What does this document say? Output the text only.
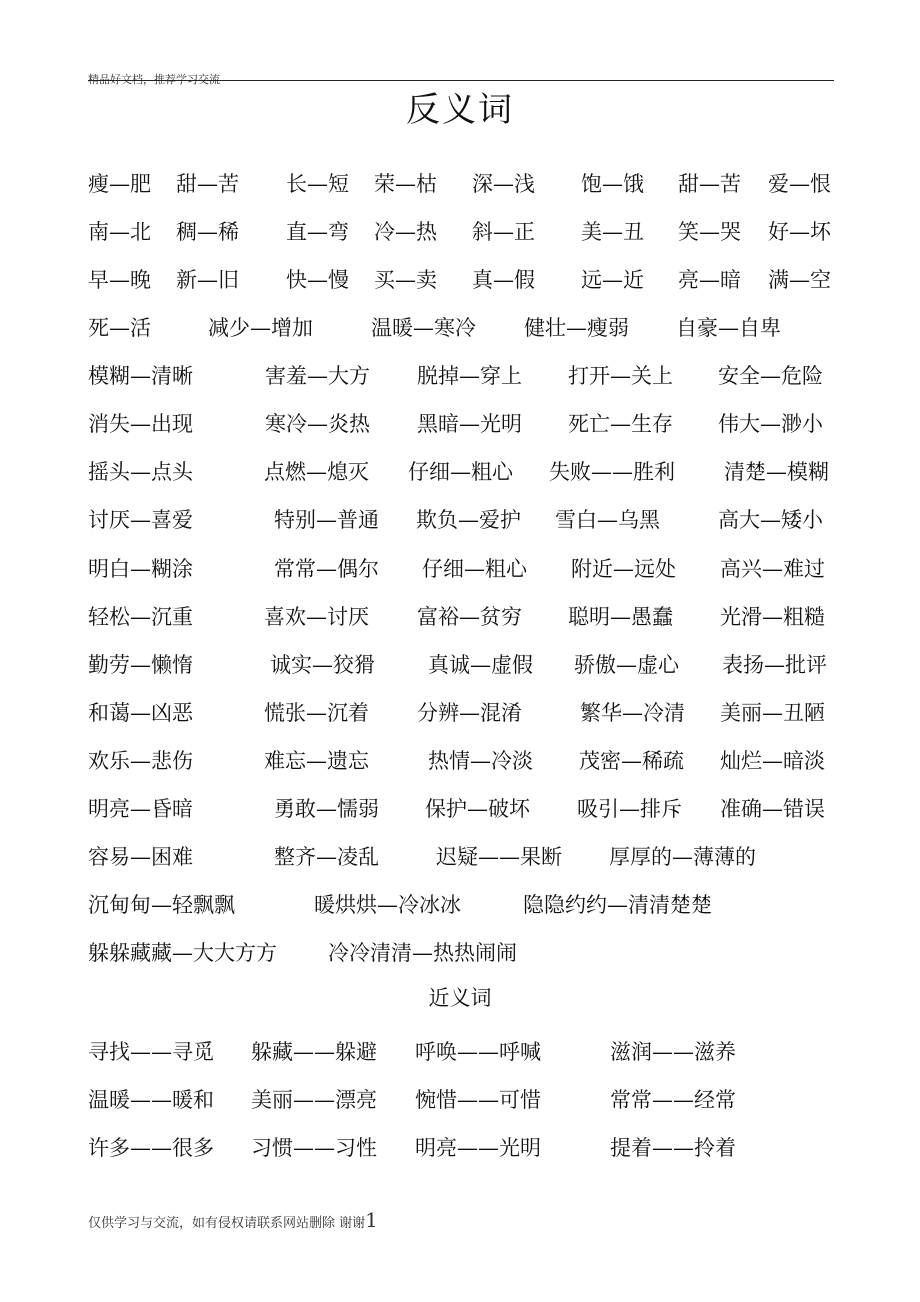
精品好文档，推荐学习交流
反义词
瘦—肥 甜—苦 长—短 荣—枯 深—浅 饱—饿 甜—苦 爱—恨
南—北 稠—稀 直—弯 冷—热 斜—正 美—丑 笑—哭 好—坏
早—晚 新—旧 快—慢 买—卖 真—假 远—近 亮—暗 满—空
死—活	减少—增加	温暖—寒冷 健壮—瘦弱 自豪—自卑
模糊—清晰	害羞—大方 脱掉—穿上 打开—关上 安全—危险
消失—出现	寒冷—炎热 黑暗—光明 死亡—生存 伟大—渺小
摇头—点头	点燃—熄灭 仔细—粗心 失败——胜利 清楚—模糊
讨厌—喜爱	特别—普通 欺负—爱护 雪白—乌黑	高大—矮小
明白—糊涂	常常—偶尔 仔细—粗心 附近—远处 高兴—难过
轻松—沉重	喜欢—讨厌 富裕—贫穷 聪明—愚蠢 光滑—粗糙
勤劳—懒惰	诚实—狡猾	真诚—虚假 骄傲—虚心 表扬—批评
和蔼—凶恶	慌张—沉着 分辨—混淆	繁华—冷清 美丽—丑陋
欢乐—悲伤	难忘—遗忘	热情—冷淡 茂密—稀疏 灿烂—暗淡
明亮—昏暗	勇敢—懦弱 保护—破坏 吸引—排斥 准确—错误
容易—困难	整齐—凌乱	迟疑——果断 厚厚的—薄薄的
沉甸甸—轻飘飘	暖烘烘—冷冰冰	隐隐约约—清清楚楚
躲躲藏藏—大大方方 冷冷清清—热热闹闹
近义词
寻找——寻觅 躲藏——躲避 呼唤——呼喊	滋润——滋养
温暖——暖和 美丽——漂亮 惋惜——可惜	常常——经常
许多——很多 习惯——习性 明亮——光明	提着——拎着
仅供学习与交流，如有侵权请联系网站删除 谢谢1
